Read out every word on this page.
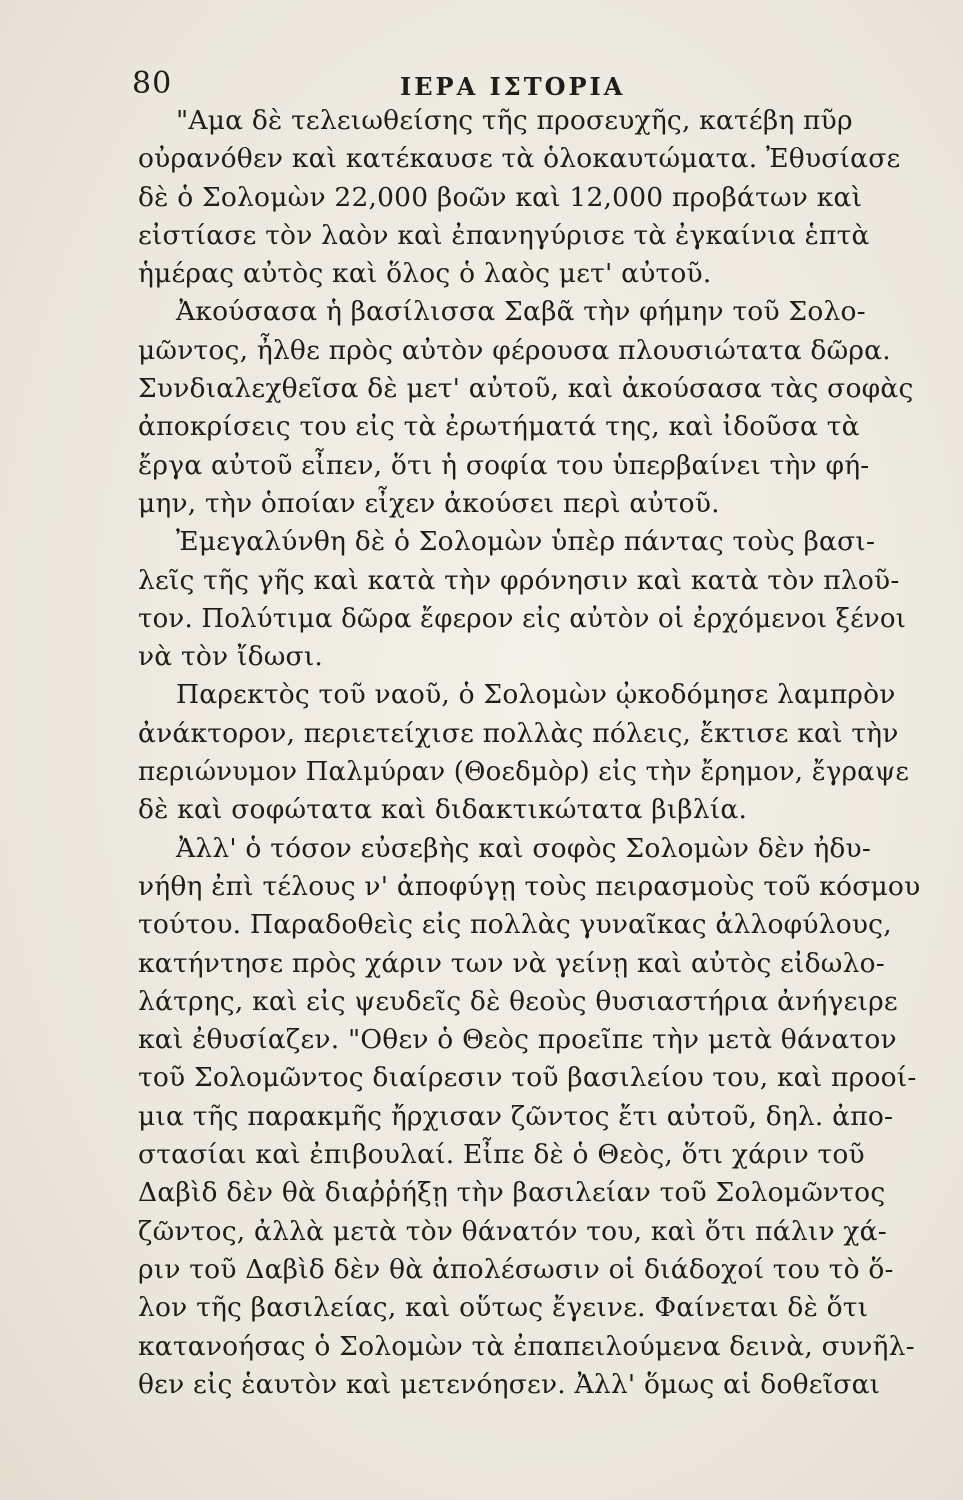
80	ΙΕΡΑ ΙΣΤΟΡΙΑ
"Αμα δὲ τελειωθείσης τῆς προσευχῆς, κατέβη πῦρ
οὐρανόθεν καὶ κατέκαυσε τὰ ὁλοκαυτώματα. Ἐθυσίασε
δὲ ὁ Σολομὼν 22,000 βοῶν καὶ 12,000 προβάτων καὶ
εἰστίασε τὸν λαὸν καὶ ἐπανηγύρισε τὰ ἐγκαίνια ἑπτὰ
ἡμέρας αὐτὸς καὶ ὅλος ὁ λαὸς μετ' αὐτοῦ.
Ἀκούσασα ἡ βασίλισσα Σαβᾶ τὴν φήμην τοῦ Σολο-
μῶντος, ἦλθε πρὸς αὐτὸν φέρουσα πλουσιώτατα δῶρα.
Συνδιαλεχθεῖσα δὲ μετ' αὐτοῦ, καὶ ἀκούσασα τὰς σοφὰς
ἀποκρίσεις του εἰς τὰ ἐρωτήματά της, καὶ ἰδοῦσα τὰ
ἔργα αὐτοῦ εἶπεν, ὅτι ἡ σοφία του ὑπερβαίνει τὴν φή-
μην, τὴν ὁποίαν εἶχεν ἀκούσει περὶ αὐτοῦ.
Ἐμεγαλύνθη δὲ ὁ Σολομὼν ὑπὲρ πάντας τοὺς βασι-
λεῖς τῆς γῆς καὶ κατὰ τὴν φρόνησιν καὶ κατὰ τὸν πλοῦ-
τον. Πολύτιμα δῶρα ἔφερον εἰς αὐτὸν οἱ ἐρχόμενοι ξένοι
νὰ τὸν ἴδωσι.
Παρεκτὸς τοῦ ναοῦ, ὁ Σολομὼν ᾠκοδόμησε λαμπρὸν
ἀνάκτορον, περιετείχισε πολλὰς πόλεις, ἔκτισε καὶ τὴν
περιώνυμον Παλμύραν (Θοεδμὸρ) εἰς τὴν ἔρημον, ἔγραψε
δὲ καὶ σοφώτατα καὶ διδακτικώτατα βιβλία.
Ἀλλ' ὁ τόσον εὐσεβὴς καὶ σοφὸς Σολομὼν δὲν ἠδυ-
νήθη ἐπὶ τέλους ν' ἀποφύγῃ τοὺς πειρασμοὺς τοῦ κόσμου
τούτου. Παραδοθεὶς εἰς πολλὰς γυναῖκας ἀλλοφύλους,
κατήντησε πρὸς χάριν των νὰ γείνῃ καὶ αὐτὸς εἰδωλο-
λάτρης, καὶ εἰς ψευδεῖς δὲ θεοὺς θυσιαστήρια ἀνήγειρε
καὶ ἐθυσίαζεν. "Οθεν ὁ Θεὸς προεῖπε τὴν μετὰ θάνατον
τοῦ Σολομῶντος διαίρεσιν τοῦ βασιλείου του, καὶ προοί-
μια τῆς παρακμῆς ἤρχισαν ζῶντος ἔτι αὐτοῦ, δηλ. ἀπο-
στασίαι καὶ ἐπιβουλαί. Εἶπε δὲ ὁ Θεὸς, ὅτι χάριν τοῦ
Δαβὶδ δὲν θὰ διαῤῥήξῃ τὴν βασιλείαν τοῦ Σολομῶντος
ζῶντος, ἀλλὰ μετὰ τὸν θάνατόν του, καὶ ὅτι πάλιν χά-
ριν τοῦ Δαβὶδ δὲν θὰ ἀπολέσωσιν οἱ διάδοχοί του τὸ ὅ-
λον τῆς βασιλείας, καὶ οὕτως ἔγεινε. Φαίνεται δὲ ὅτι
κατανοήσας ὁ Σολομὼν τὰ ἐπαπειλούμενα δεινὰ, συνῆλ-
θεν εἰς ἑαυτὸν καὶ μετενόησεν. Ἀλλ' ὅμως αἱ δοθεῖσαι
